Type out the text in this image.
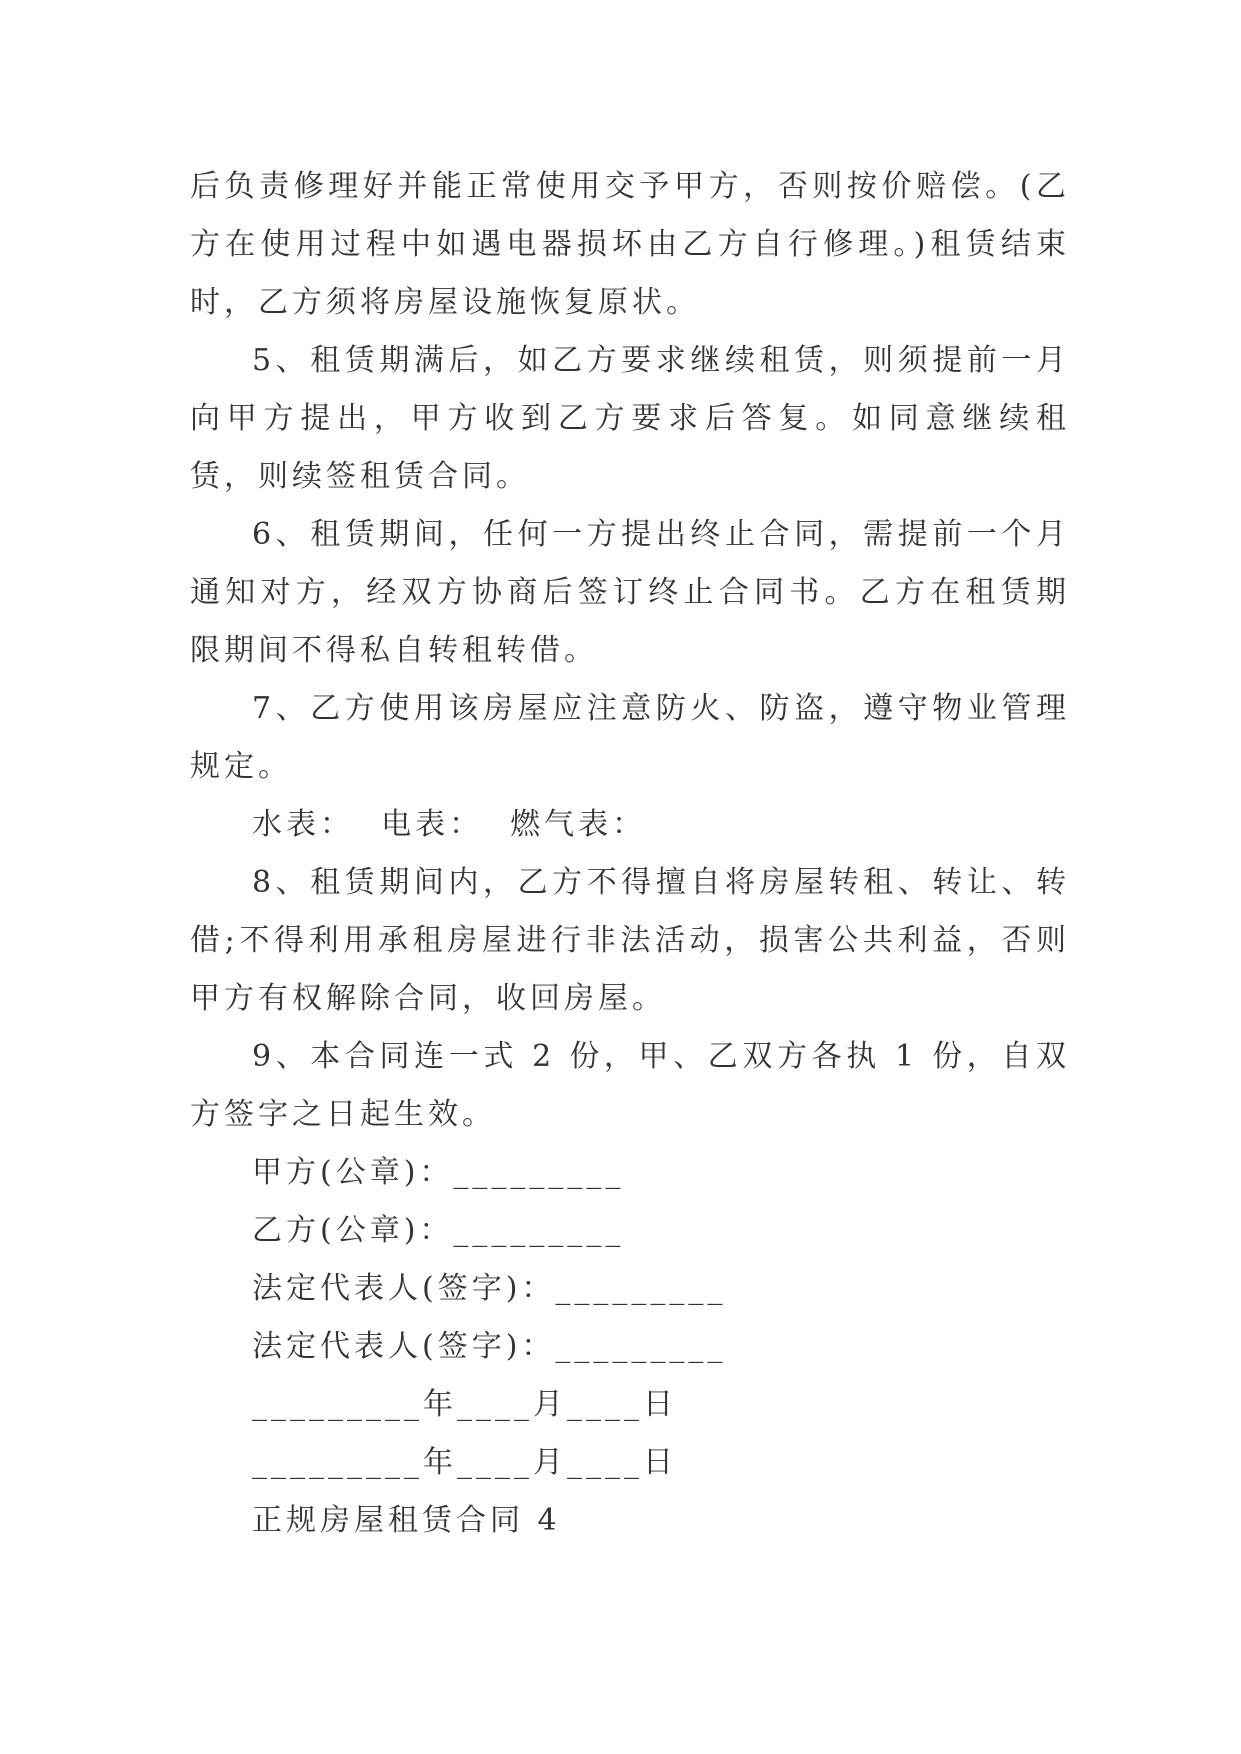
后负责修理好并能正常使用交予甲方，否则按价赔偿。(乙方在使用过程中如遇电器损坏由乙方自行修理。)租赁结束时，乙方须将房屋设施恢复原状。

5、租赁期满后，如乙方要求继续租赁，则须提前一月向甲方提出，甲方收到乙方要求后答复。如同意继续租赁，则续签租赁合同。

6、租赁期间，任何一方提出终止合同，需提前一个月通知对方，经双方协商后签订终止合同书。乙方在租赁期限期间不得私自转租转借。

7、乙方使用该房屋应注意防火、防盗，遵守物业管理规定。

水表：  电表：  燃气表：

8、租赁期间内，乙方不得擅自将房屋转租、转让、转借;不得利用承租房屋进行非法活动，损害公共利益，否则甲方有权解除合同，收回房屋。

9、本合同连一式 2 份，甲、乙双方各执 1 份，自双方签字之日起生效。

甲方(公章)：_________

乙方(公章)：_________

法定代表人(签字)：_________

法定代表人(签字)：_________

_________年____月____日

_________年____月____日

正规房屋租赁合同 4
